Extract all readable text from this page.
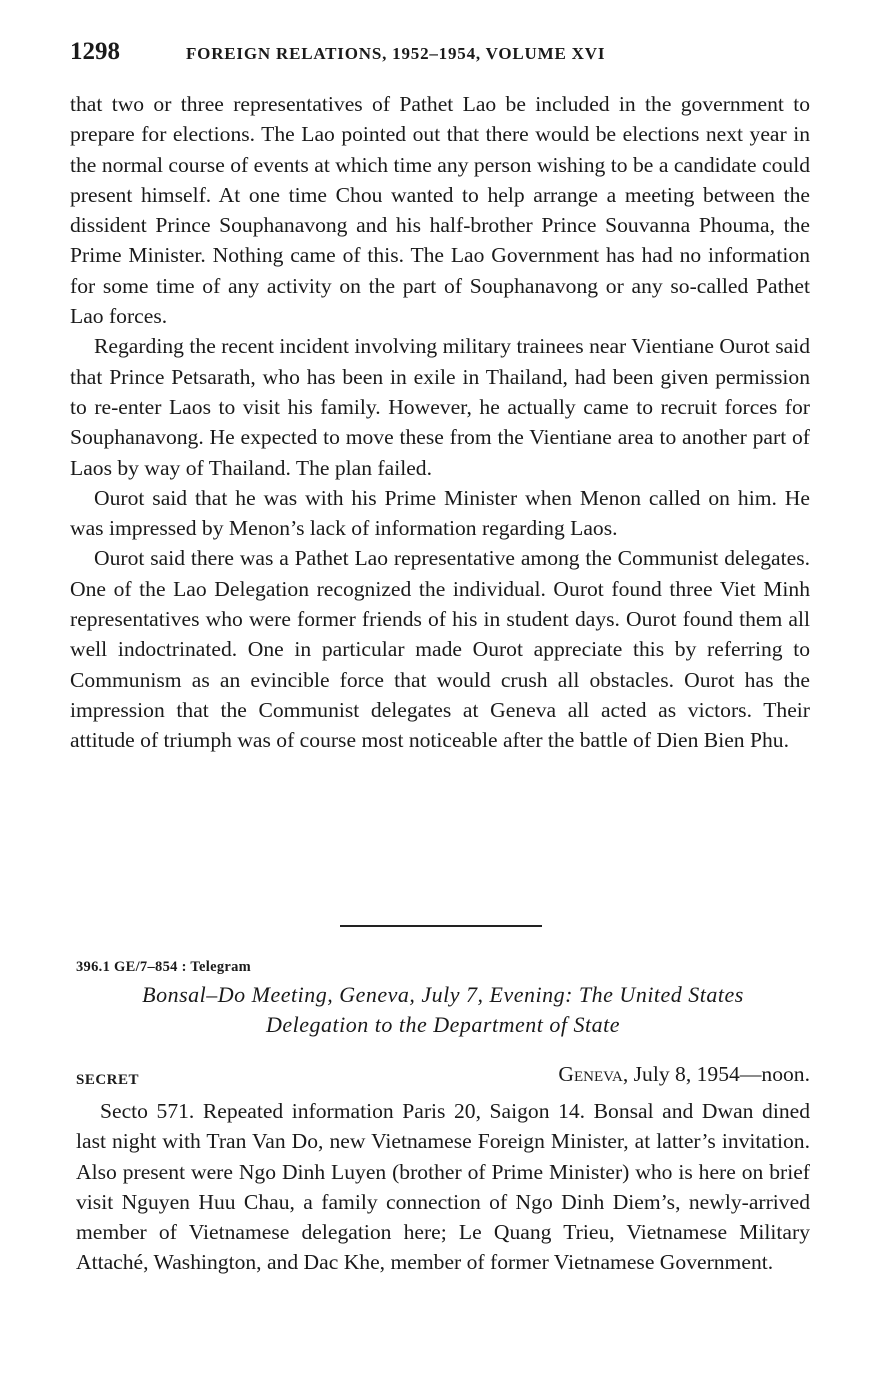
1298	FOREIGN RELATIONS, 1952–1954, VOLUME XVI

that two or three representatives of Pathet Lao be included in the government to prepare for elections. The Lao pointed out that there would be elections next year in the normal course of events at which time any person wishing to be a candidate could present himself. At one time Chou wanted to help arrange a meeting between the dissident Prince Souphanavong and his half-brother Prince Souvanna Phouma, the Prime Minister. Nothing came of this. The Lao Government has had no information for some time of any activity on the part of Souphanavong or any so-called Pathet Lao forces.

Regarding the recent incident involving military trainees near Vientiane Ourot said that Prince Petsarath, who has been in exile in Thailand, had been given permission to re-enter Laos to visit his family. However, he actually came to recruit forces for Souphanavong. He expected to move these from the Vientiane area to another part of Laos by way of Thailand. The plan failed.

Ourot said that he was with his Prime Minister when Menon called on him. He was impressed by Menon’s lack of information regarding Laos.

Ourot said there was a Pathet Lao representative among the Communist delegates. One of the Lao Delegation recognized the individual. Ourot found three Viet Minh representatives who were former friends of his in student days. Ourot found them all well indoctrinated. One in particular made Ourot appreciate this by referring to Communism as an evincible force that would crush all obstacles. Ourot has the impression that the Communist delegates at Geneva all acted as victors. Their attitude of triumph was of course most noticeable after the battle of Dien Bien Phu.

396.1 GE/7–854 : Telegram
Bonsal–Do Meeting, Geneva, July 7, Evening: The United States
Delegation to the Department of State
SECRET	Geneva, July 8, 1954—noon.

Secto 571. Repeated information Paris 20, Saigon 14. Bonsal and Dwan dined last night with Tran Van Do, new Vietnamese Foreign Minister, at latter’s invitation. Also present were Ngo Dinh Luyen (brother of Prime Minister) who is here on brief visit Nguyen Huu Chau, a family connection of Ngo Dinh Diem’s, newly-arrived member of Vietnamese delegation here; Le Quang Trieu, Vietnamese Military Attaché, Washington, and Dac Khe, member of former Vietnamese Government.
